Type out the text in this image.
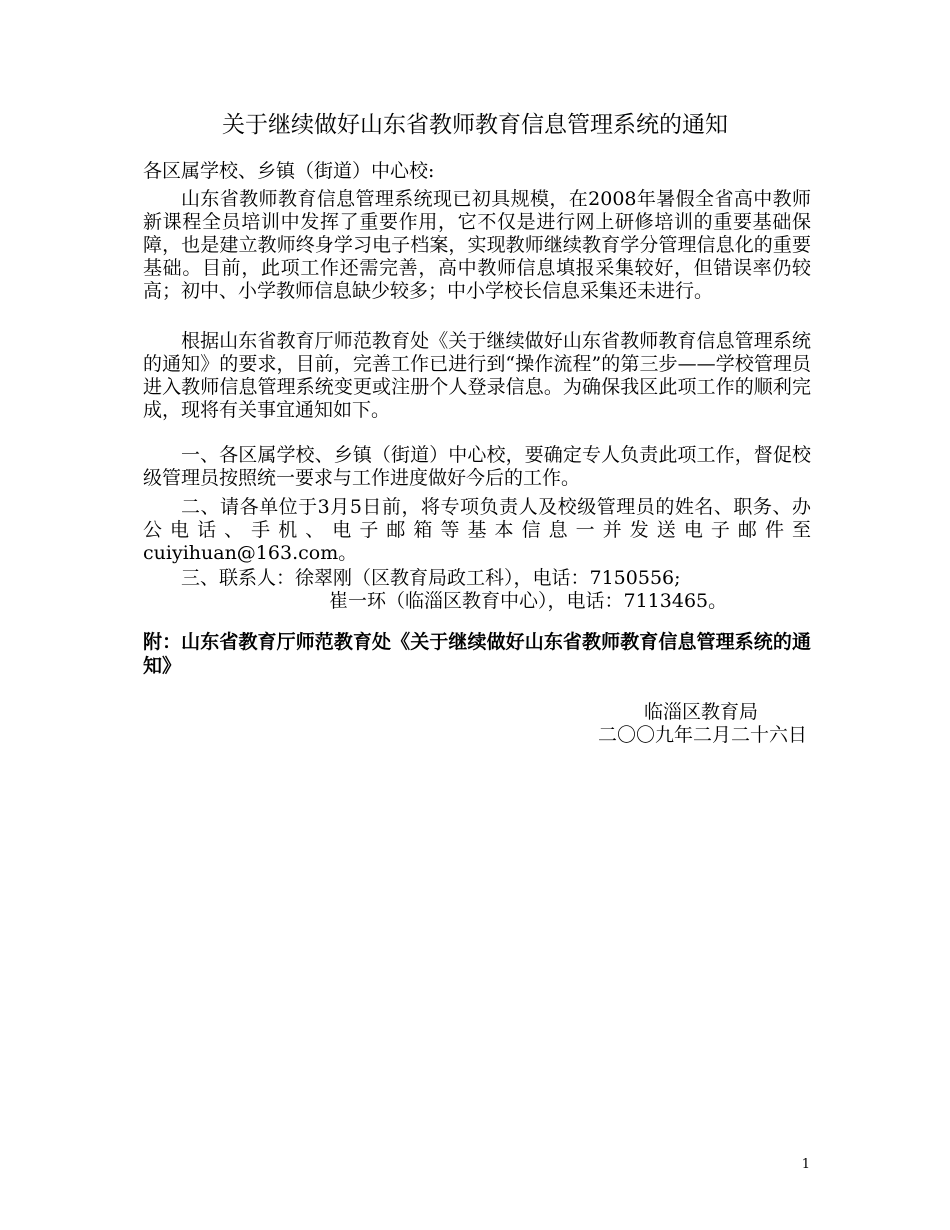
关于继续做好山东省教师教育信息管理系统的通知
各区属学校、乡镇（街道）中心校:
山东省教师教育信息管理系统现已初具规模，在2008年暑假全省高中教师新课程全员培训中发挥了重要作用，它不仅是进行网上研修培训的重要基础保障，也是建立教师终身学习电子档案，实现教师继续教育学分管理信息化的重要基础。目前，此项工作还需完善，高中教师信息填报采集较好，但错误率仍较高；初中、小学教师信息缺少较多；中小学校长信息采集还未进行。
根据山东省教育厅师范教育处《关于继续做好山东省教师教育信息管理系统的通知》的要求，目前，完善工作已进行到“操作流程”的第三步——学校管理员进入教师信息管理系统变更或注册个人登录信息。为确保我区此项工作的顺利完成，现将有关事宜通知如下。
一、各区属学校、乡镇（街道）中心校，要确定专人负责此项工作，督促校级管理员按照统一要求与工作进度做好今后的工作。
二、请各单位于3月5日前，将专项负责人及校级管理员的姓名、职务、办公电话、手机、电子邮箱等基本信息一并发送电子邮件至cuiyihuan@163.com。
三、联系人：徐翠刚（区教育局政工科），电话：7150556;
崔一环（临淄区教育中心），电话：7113465。
附：山东省教育厅师范教育处《关于继续做好山东省教师教育信息管理系统的通知》
临淄区教育局
二〇〇九年二月二十六日
1
